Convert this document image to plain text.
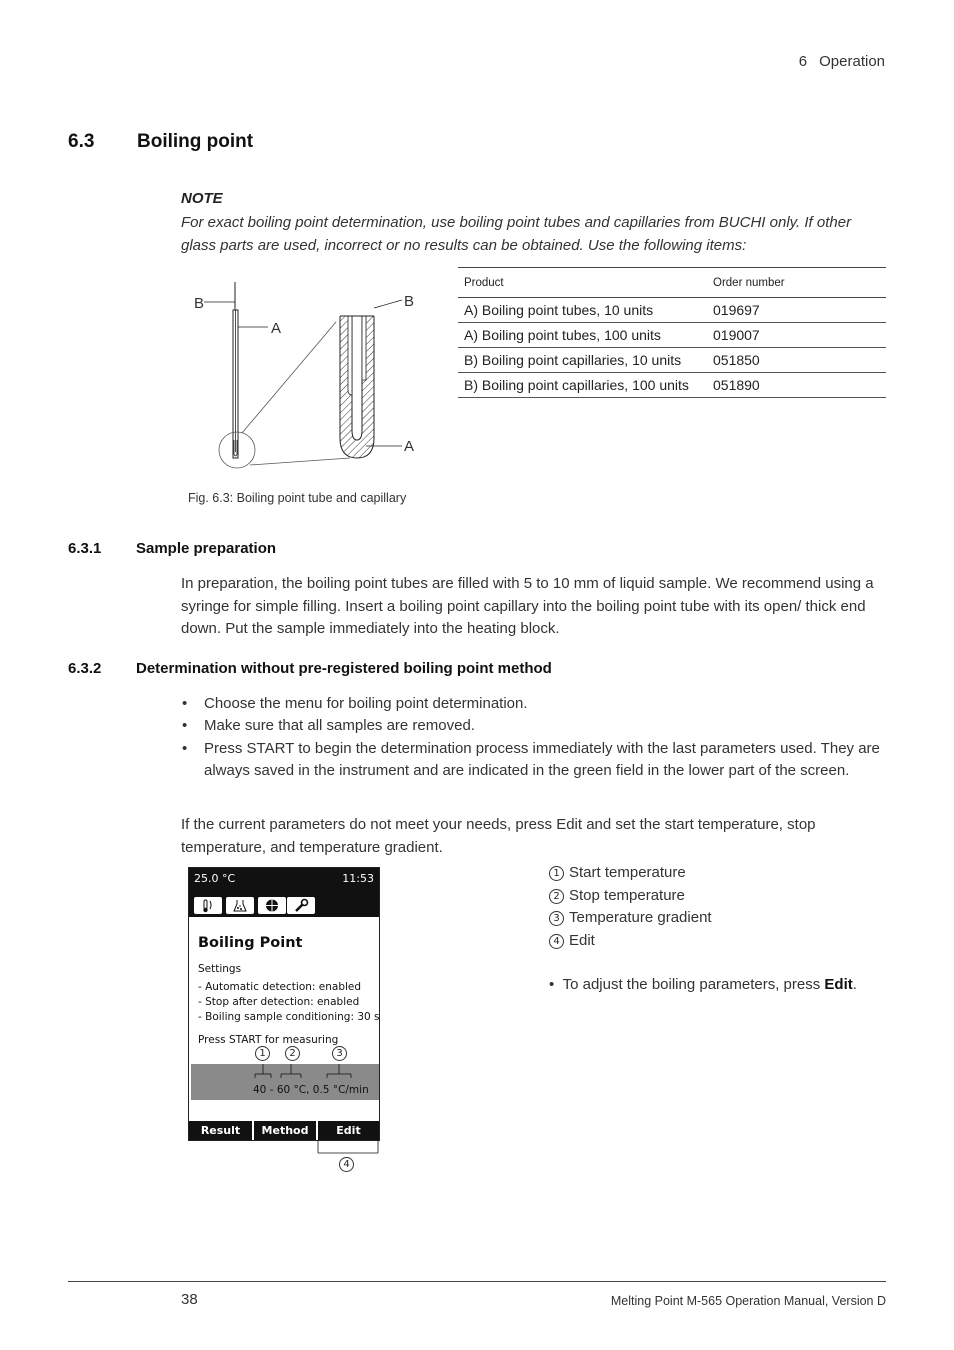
6 Operation
6.3 Boiling point
NOTE
For exact boiling point determination, use boiling point tubes and capillaries from BUCHI only. If other glass parts are used, incorrect or no results can be obtained. Use the following items:
B
A
B
A
Fig. 6.3: Boiling point tube and capillary
Product	Order number
A) Boiling point tubes, 10 units	019697
A) Boiling point tubes, 100 units	019007
B) Boiling point capillaries, 10 units	051850
B) Boiling point capillaries, 100 units	051890
6.3.1 Sample preparation
In preparation, the boiling point tubes are filled with 5 to 10 mm of liquid sample. We recommend using a syringe for simple filling. Insert a boiling point capillary into the boiling point tube with its open/ thick end down. Put the sample immediately into the heating block.
6.3.2 Determination without pre-registered boiling point method
• Choose the menu for boiling point determination.
• Make sure that all samples are removed.
• Press START to begin the determination process immediately with the last parameters used. They are always saved in the instrument and are indicated in the green field in the lower part of the screen.
If the current parameters do not meet your needs, press Edit and set the start temperature, stop temperature, and temperature gradient.
25.0 °C	11:53
Boiling Point
Settings
- Automatic detection: enabled
- Stop after detection: enabled
- Boiling sample conditioning: 30 s
Press START for measuring
40 - 60 °C, 0.5 °C/min
1	2	3
Result	Method	Edit
4
1 Start temperature
2 Stop temperature
3 Temperature gradient
4 Edit
•  To adjust the boiling parameters, press Edit.
38	Melting Point M-565 Operation Manual, Version D
